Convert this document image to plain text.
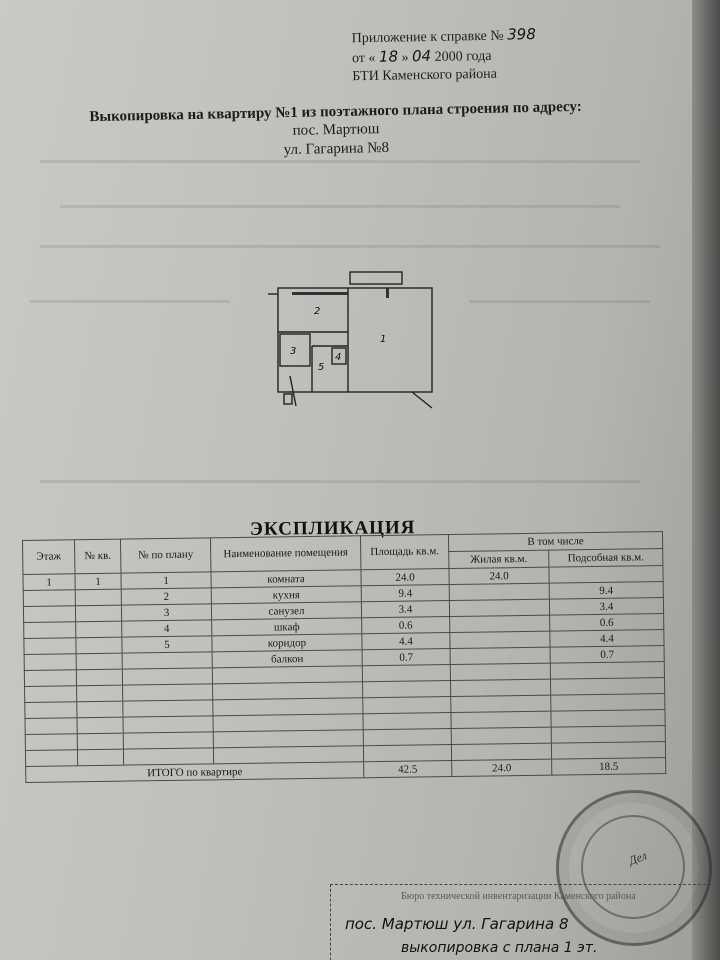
Приложение к справке № 398
от « 18 » 04 2000 года
БТИ Каменского района
Выкопировка на квартиру №1 из поэтажного плана строения по адресу:
пос. Мартюш
ул. Гагарина №8
1
2
3
4
5
ЭКСПЛИКАЦИЯ
Этаж	№ кв.	№ по плану	Наименование помещения	Площадь кв.м.	В том числе	
					Жилая кв.м.	Подсобная кв.м.
1	1	1	комната	24.0	24.0	
		2	кухня	9.4		9.4
		3	санузел	3.4		3.4
		4	шкаф	0.6		0.6
		5	коридор	4.4		4.4
			балкон	0.7		0.7

ИТОГО по квартире				42.5	24.0	18.5
Дел
Бюро технической инвентаризации Каменского района
пос. Мартюш ул. Гагарина 8
выкопировка с плана 1 эт.
